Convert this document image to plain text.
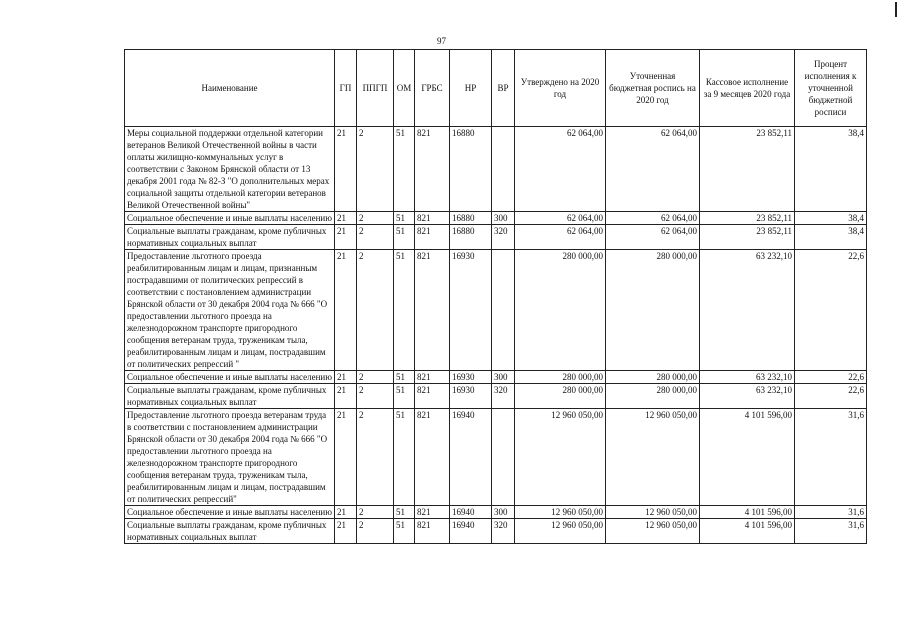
97
Наименование	ГП	ППГП	ОМ	ГРБС	НР	ВР	Утверждено на 2020 год	Уточненная бюджетная роспись на 2020 год	Кассовое исполнение за 9 месяцев 2020 года	Процент исполнения к уточненной бюджетной росписи
Меры социальной поддержки отдельной категории ветеранов Великой Отечественной войны в части оплаты жилищно-коммунальных услуг в соответствии с Законом Брянской области от 13 декабря 2001 года № 82-З "О дополнительных мерах социальной защиты отдельной категории ветеранов Великой Отечественной войны"	21	2	51	821	16880		62 064,00	62 064,00	23 852,11	38,4
Социальное обеспечение и иные выплаты населению	21	2	51	821	16880	300	62 064,00	62 064,00	23 852,11	38,4
Социальные выплаты гражданам, кроме публичных нормативных социальных выплат	21	2	51	821	16880	320	62 064,00	62 064,00	23 852,11	38,4
Предоставление льготного проезда реабилитированным лицам и лицам, признанным пострадавшими от политических репрессий в соответствии с постановлением администрации Брянской области от 30 декабря 2004 года № 666 "О предоставлении льготного проезда на железнодорожном транспорте пригородного сообщения ветеранам труда, труженикам тыла, реабилитированным лицам и лицам, пострадавшим от политических репрессий "	21	2	51	821	16930		280 000,00	280 000,00	63 232,10	22,6
Социальное обеспечение и иные выплаты населению	21	2	51	821	16930	300	280 000,00	280 000,00	63 232,10	22,6
Социальные выплаты гражданам, кроме публичных нормативных социальных выплат	21	2	51	821	16930	320	280 000,00	280 000,00	63 232,10	22,6
Предоставление льготного проезда ветеранам труда в соответствии с постановлением администрации Брянской области от 30 декабря 2004 года № 666 "О предоставлении льготного проезда на железнодорожном транспорте пригородного сообщения ветеранам труда, труженикам тыла, реабилитированным лицам и лицам, пострадавшим от политических репрессий"	21	2	51	821	16940		12 960 050,00	12 960 050,00	4 101 596,00	31,6
Социальное обеспечение и иные выплаты населению	21	2	51	821	16940	300	12 960 050,00	12 960 050,00	4 101 596,00	31,6
Социальные выплаты гражданам, кроме публичных нормативных социальных выплат	21	2	51	821	16940	320	12 960 050,00	12 960 050,00	4 101 596,00	31,6
